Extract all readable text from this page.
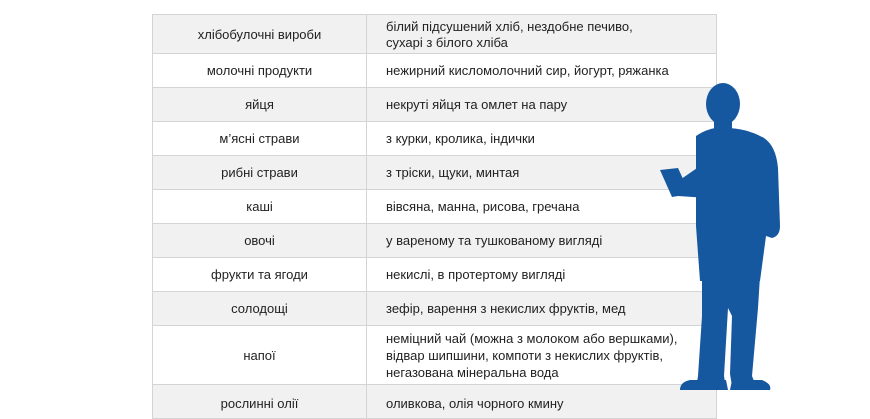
хлібобулочні вироби	білий підсушений хліб, нездобне печиво,
сухарі з білого хліба
молочні продукти	нежирний кисломолочний сир, йогурт, ряжанка
яйця	некруті яйця та омлет на пару
м’ясні страви	з курки, кролика, індички
рибні страви	з тріски, щуки, минтая
каші	вівсяна, манна, рисова, гречана
овочі	у вареному та тушкованому вигляді
фрукти та ягоди	некислі, в протертому вигляді
солодощі	зефір, варення з некислих фруктів, мед
напої	неміцний чай (можна з молоком або вершками),
відвар шипшини, компоти з некислих фруктів,
негазована мінеральна вода
рослинні олії	оливкова, олія чорного кмину
